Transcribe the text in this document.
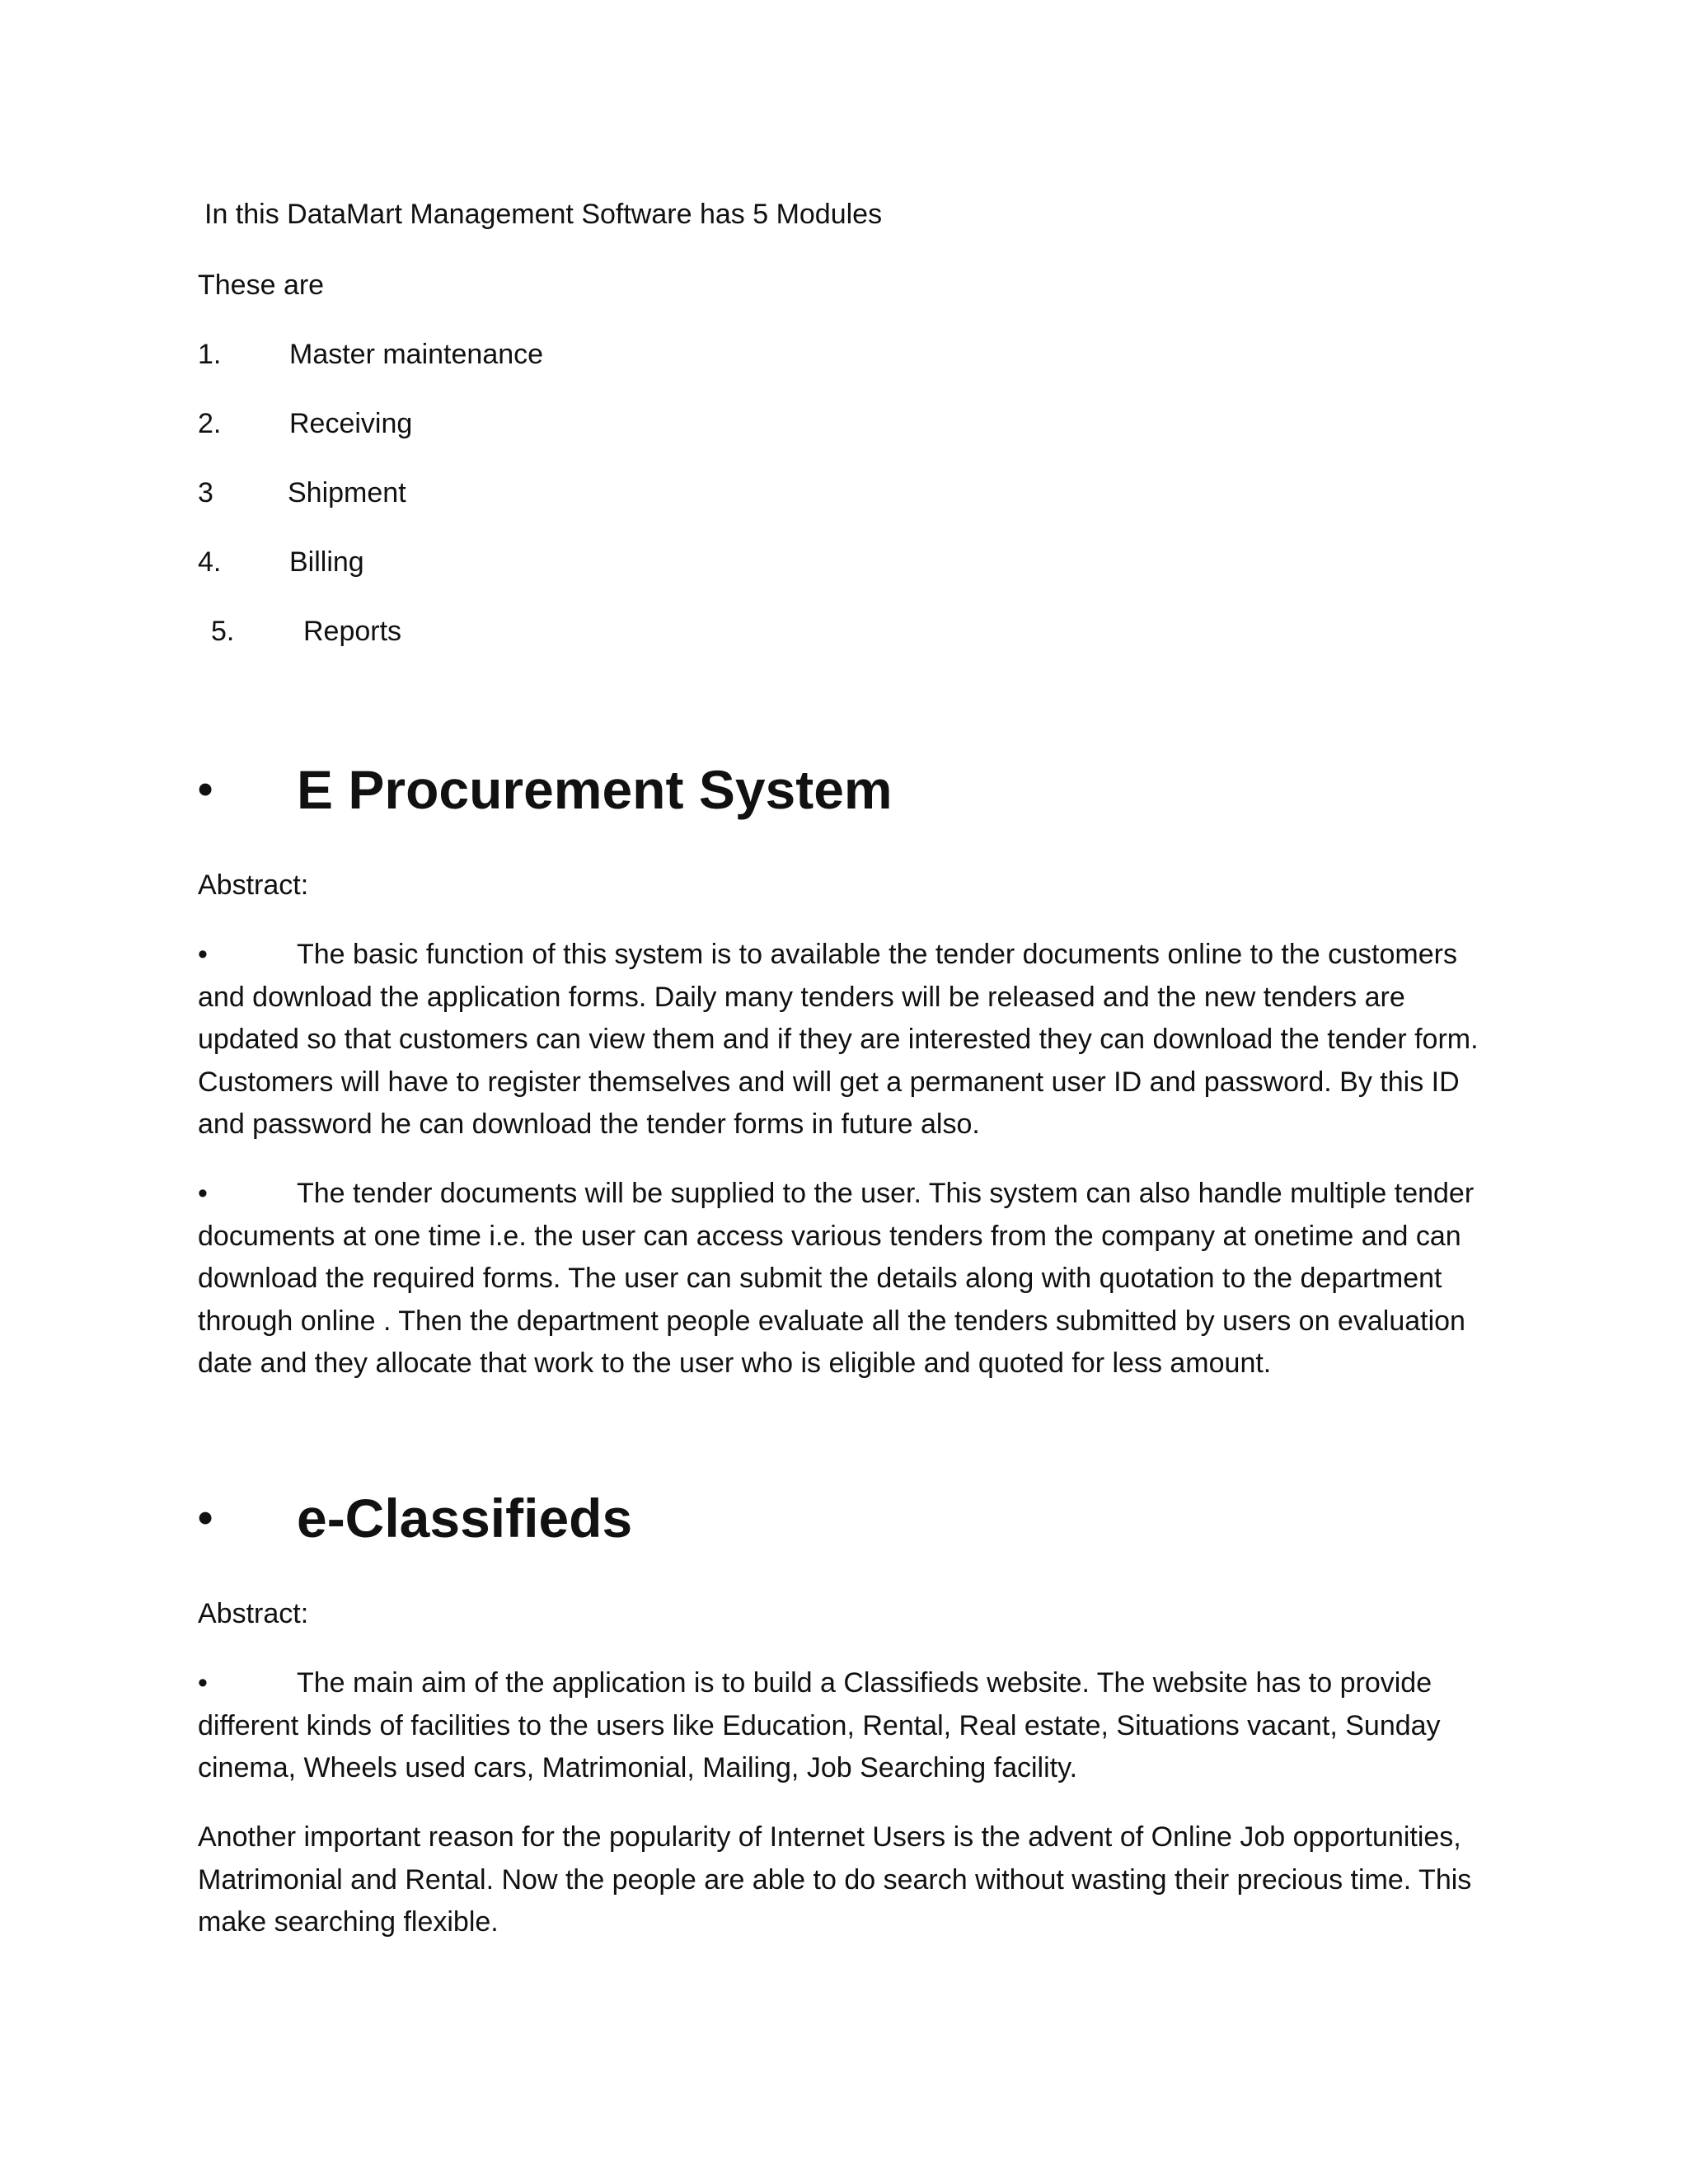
In this DataMart Management Software has 5 Modules
These are
1. Master maintenance
2. Receiving
3	Shipment
4. Billing
5. Reports
• E Procurement System
Abstract:
•	The basic function of this system is to available the tender documents online to the customers and download the application forms. Daily many tenders will be released and the new tenders are updated so that customers can view them and if they are interested they can download the tender form. Customers will have to register themselves and will get a permanent user ID and password. By this ID and password he can download the tender forms in future also.
•	The tender documents will be supplied to the user. This system can also handle multiple tender documents at one time i.e. the user can access various tenders from the company at onetime and can download the required forms. The user can submit the details along with quotation to the department through online . Then the department people evaluate all the tenders submitted by users on evaluation date and they allocate that work to the user who is eligible and quoted for less amount.
• e-Classifieds
Abstract:
•	The main aim of the application is to build a Classifieds website. The website has to provide different kinds of facilities to the users like Education, Rental, Real estate, Situations vacant, Sunday cinema, Wheels used cars, Matrimonial, Mailing, Job Searching facility.
Another important reason for the popularity of Internet Users is the advent of Online Job opportunities, Matrimonial and Rental. Now the people are able to do search without wasting their precious time. This make searching flexible.
